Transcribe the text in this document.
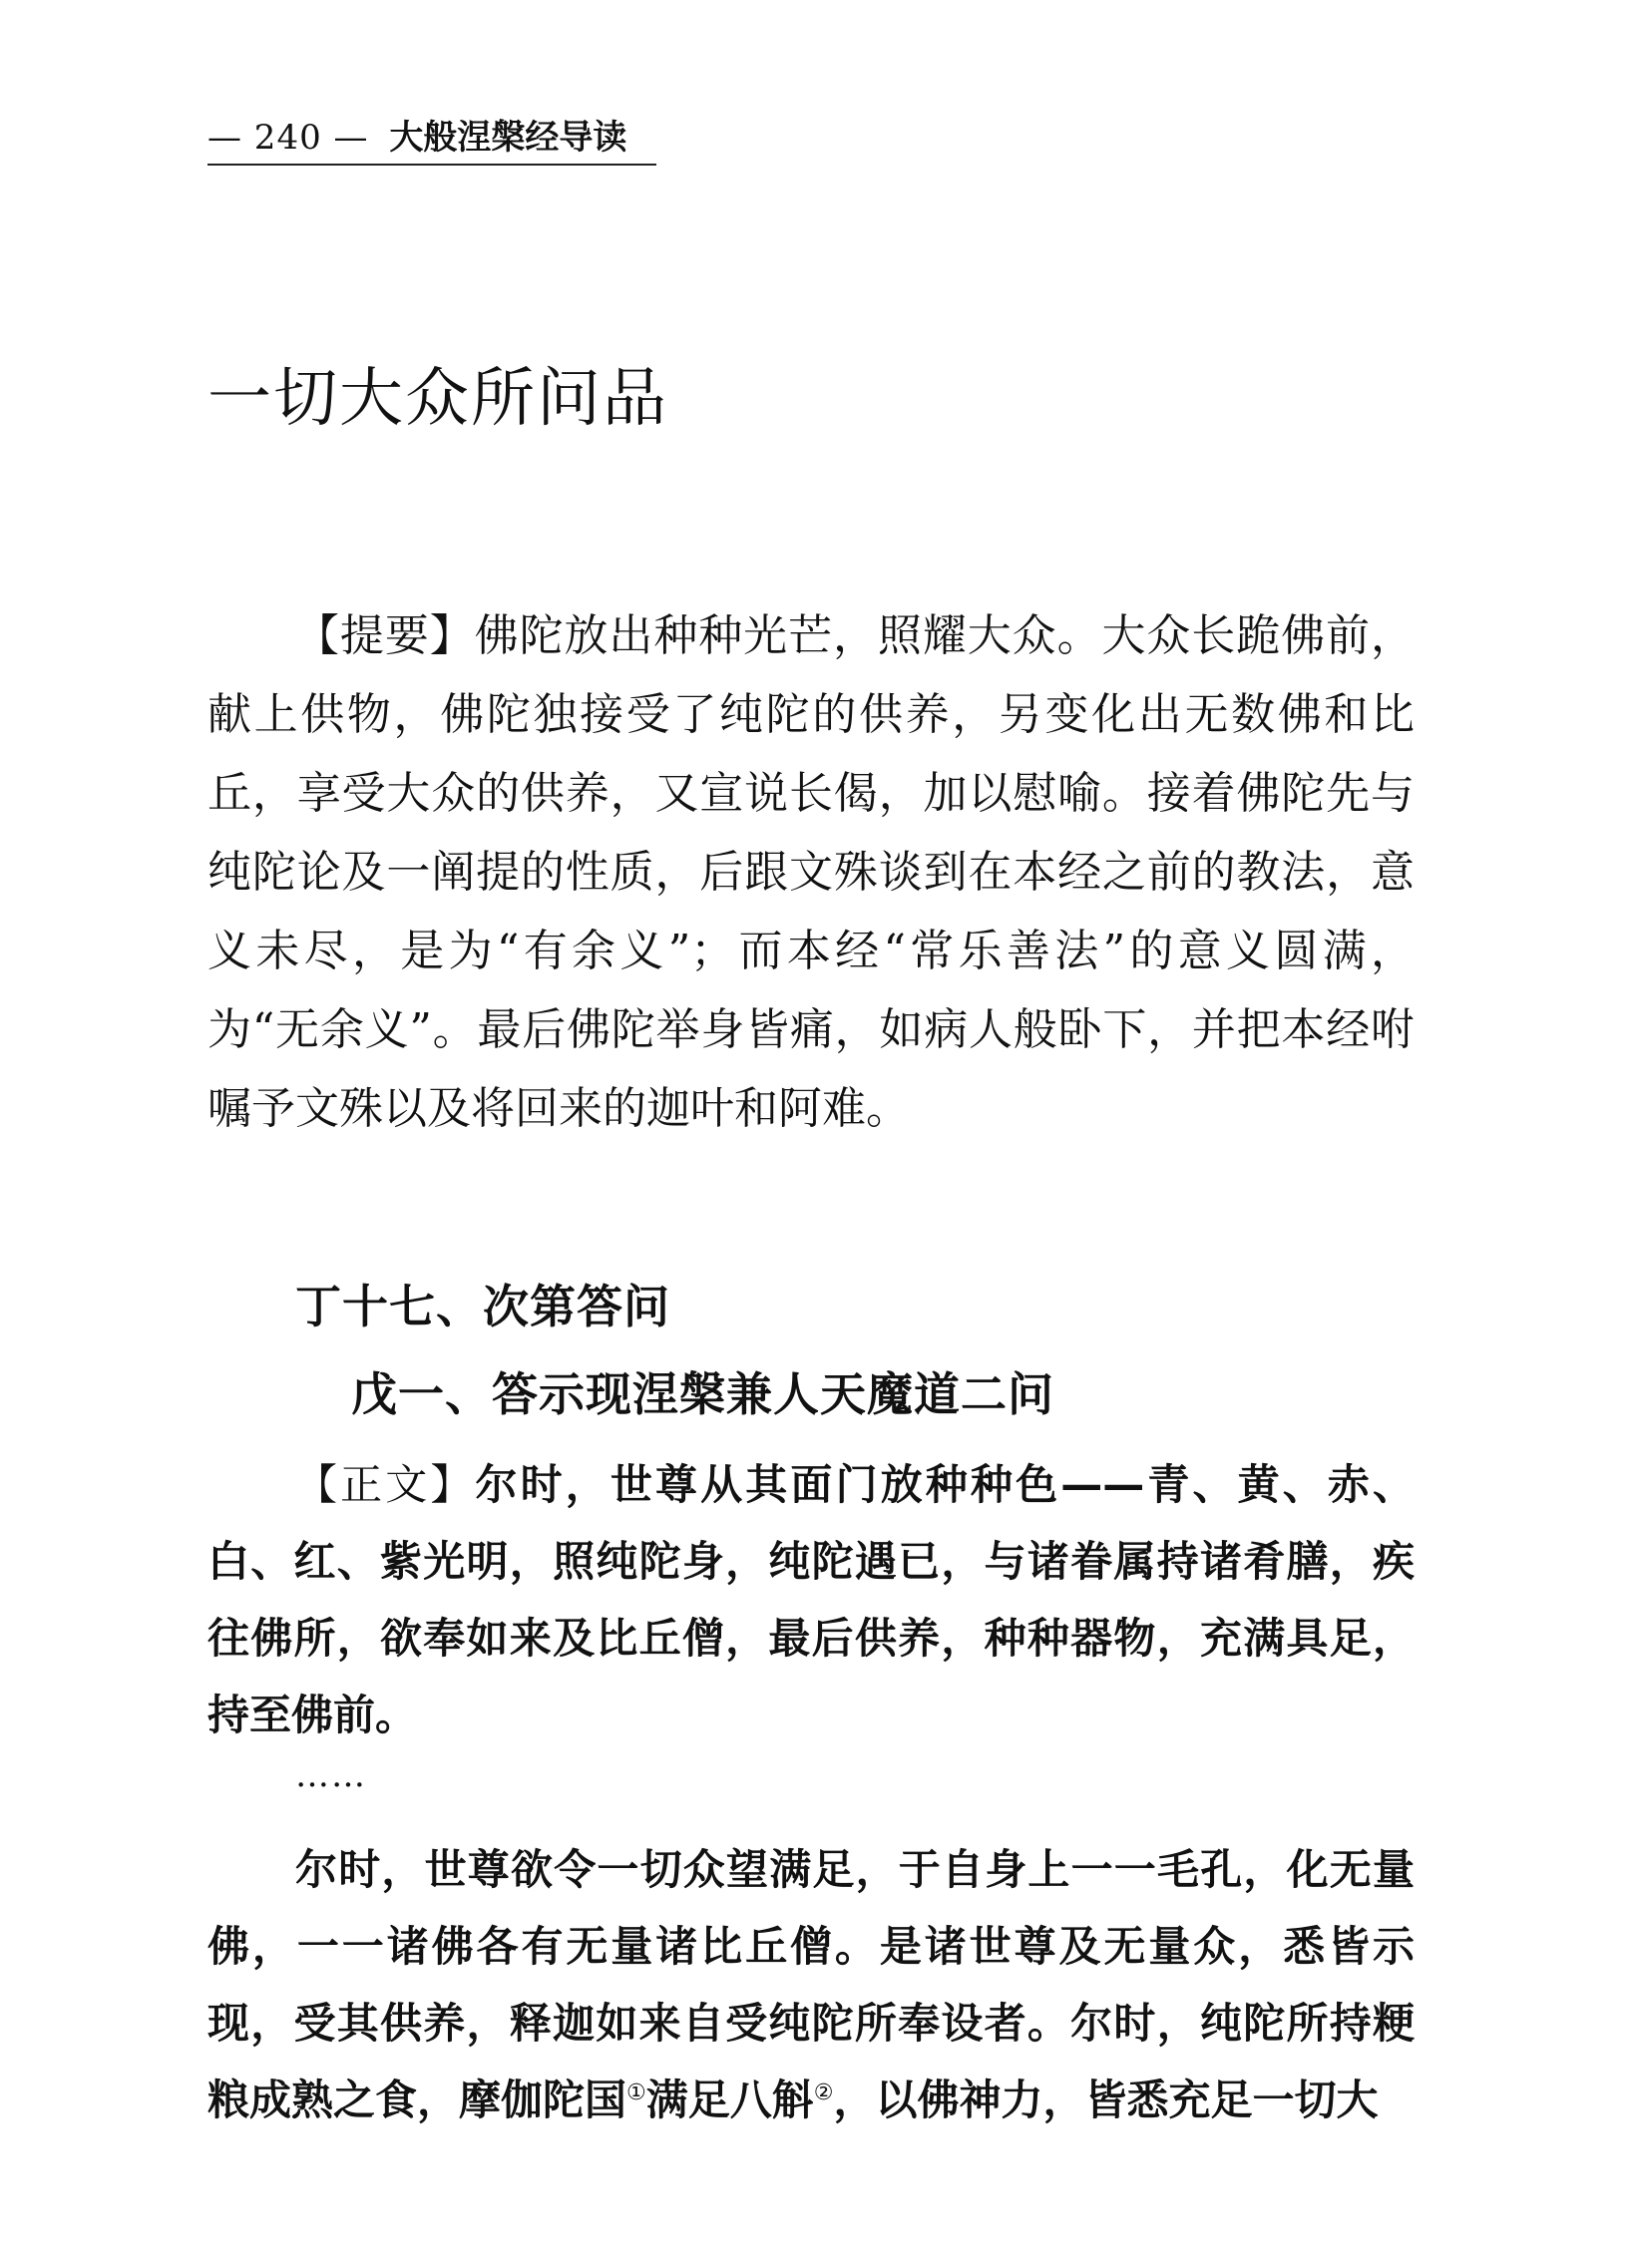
— 240 — 大般涅槃经导读
一切大众所问品
【提要】佛陀放出种种光芒，照耀大众。大众长跪佛前，献上供物，佛陀独接受了纯陀的供养，另变化出无数佛和比丘，享受大众的供养，又宣说长偈，加以慰喻。接着佛陀先与纯陀论及一阐提的性质，后跟文殊谈到在本经之前的教法，意义未尽，是为“有余义”；而本经“常乐善法”的意义圆满，为“无余义”。最后佛陀举身皆痛，如病人般卧下，并把本经咐嘱予文殊以及将回来的迦叶和阿难。
丁十七、次第答问
戊一、答示现涅槃兼人天魔道二问
【正文】尔时，世尊从其面门放种种色——青、黄、赤、白、红、紫光明，照纯陀身，纯陀遇已，与诸眷属持诸肴膳，疾往佛所，欲奉如来及比丘僧，最后供养，种种器物，充满具足，持至佛前。
……
尔时，世尊欲令一切众望满足，于自身上一一毛孔，化无量佛，一一诸佛各有无量诸比丘僧。是诸世尊及无量众，悉皆示现，受其供养，释迦如来自受纯陀所奉设者。尔时，纯陀所持粳粮成熟之食，摩伽陀国①满足八斛②，以佛神力，皆悉充足一切大
